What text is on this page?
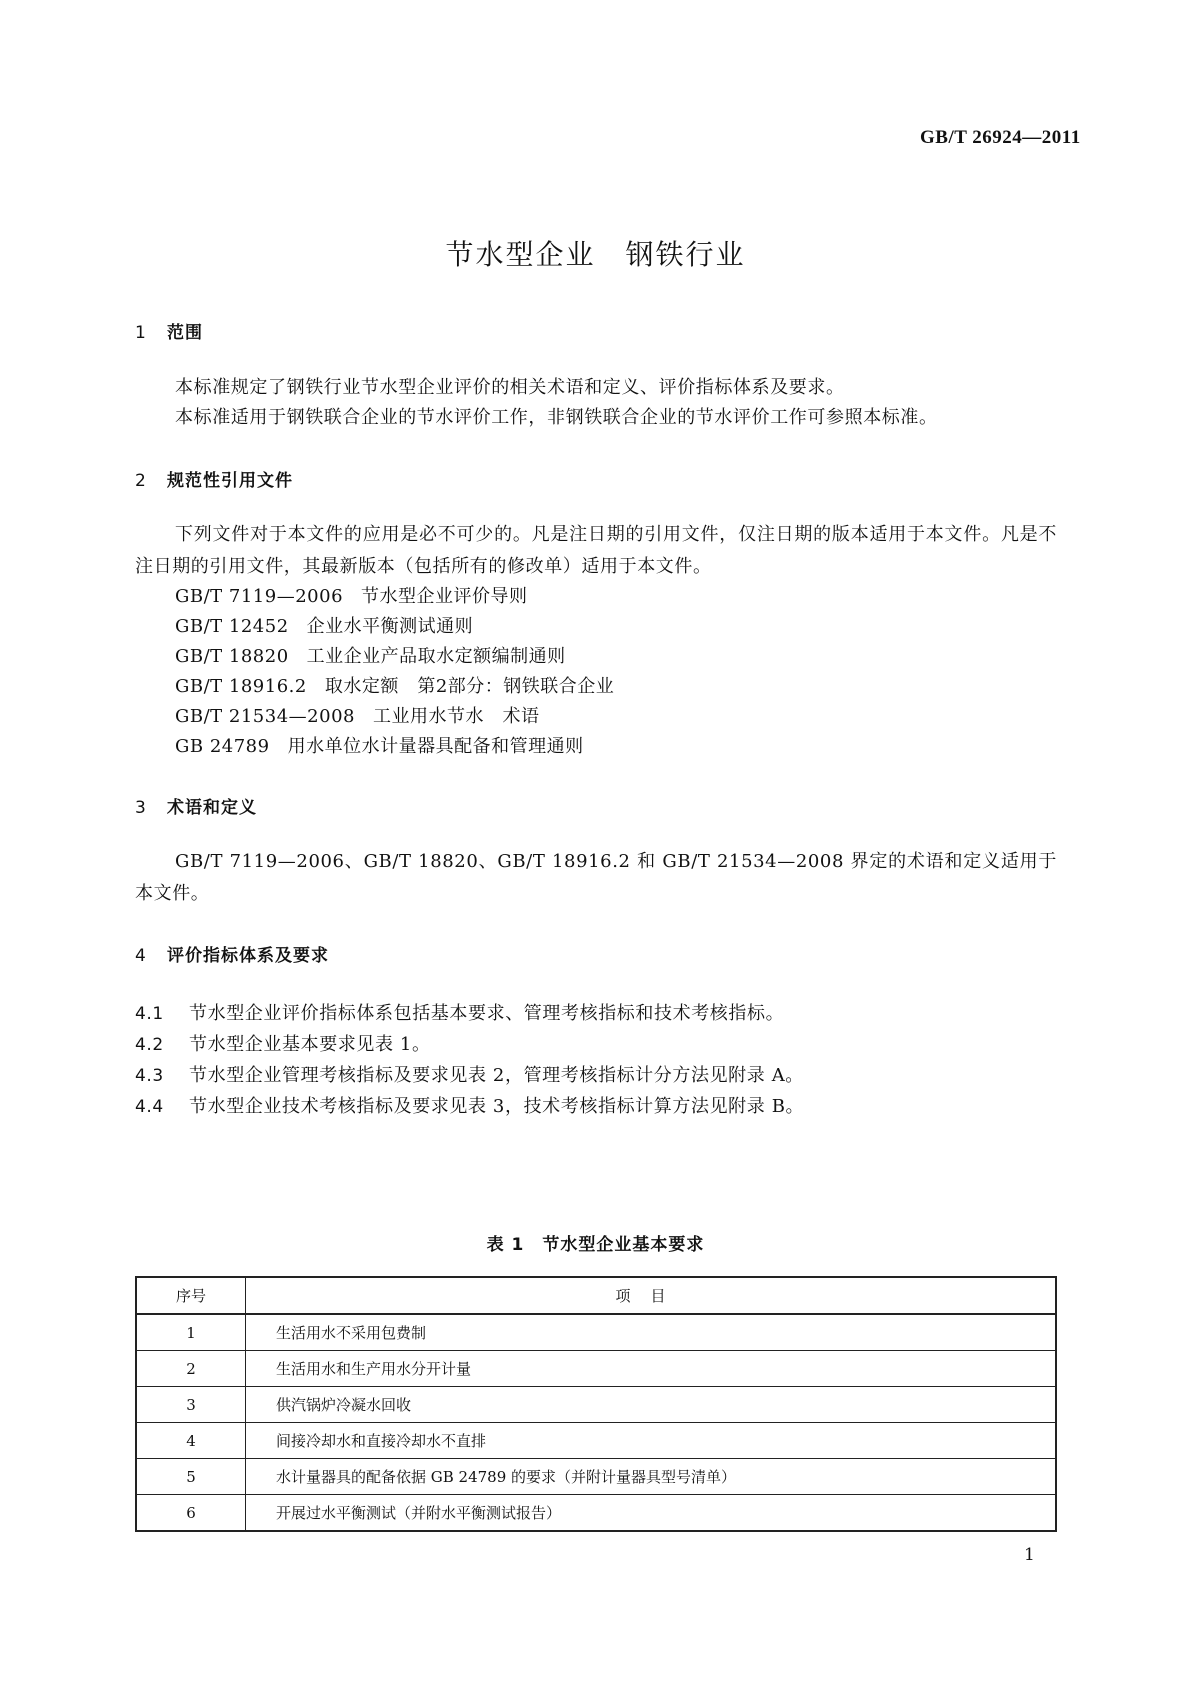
GB/T 26924—2011
节水型企业　钢铁行业
1 范围
本标准规定了钢铁行业节水型企业评价的相关术语和定义、评价指标体系及要求。
本标准适用于钢铁联合企业的节水评价工作，非钢铁联合企业的节水评价工作可参照本标准。
2 规范性引用文件
下列文件对于本文件的应用是必不可少的。凡是注日期的引用文件，仅注日期的版本适用于本文件。凡是不注日期的引用文件，其最新版本（包括所有的修改单）适用于本文件。
GB/T 7119—2006 节水型企业评价导则
GB/T 12452 企业水平衡测试通则
GB/T 18820 工业企业产品取水定额编制通则
GB/T 18916.2 取水定额　第2部分：钢铁联合企业
GB/T 21534—2008 工业用水节水　术语
GB 24789 用水单位水计量器具配备和管理通则
3 术语和定义
GB/T 7119—2006、GB/T 18820、GB/T 18916.2 和 GB/T 21534—2008 界定的术语和定义适用于本文件。
4 评价指标体系及要求
4.1 节水型企业评价指标体系包括基本要求、管理考核指标和技术考核指标。
4.2 节水型企业基本要求见表 1。
4.3 节水型企业管理考核指标及要求见表 2，管理考核指标计分方法见附录 A。
4.4 节水型企业技术考核指标及要求见表 3，技术考核指标计算方法见附录 B。
表 1　节水型企业基本要求
序号	项目
1	生活用水不采用包费制
2	生活用水和生产用水分开计量
3	供汽锅炉冷凝水回收
4	间接冷却水和直接冷却水不直排
5	水计量器具的配备依据 GB 24789 的要求（并附计量器具型号清单）
6	开展过水平衡测试（并附水平衡测试报告）
1
